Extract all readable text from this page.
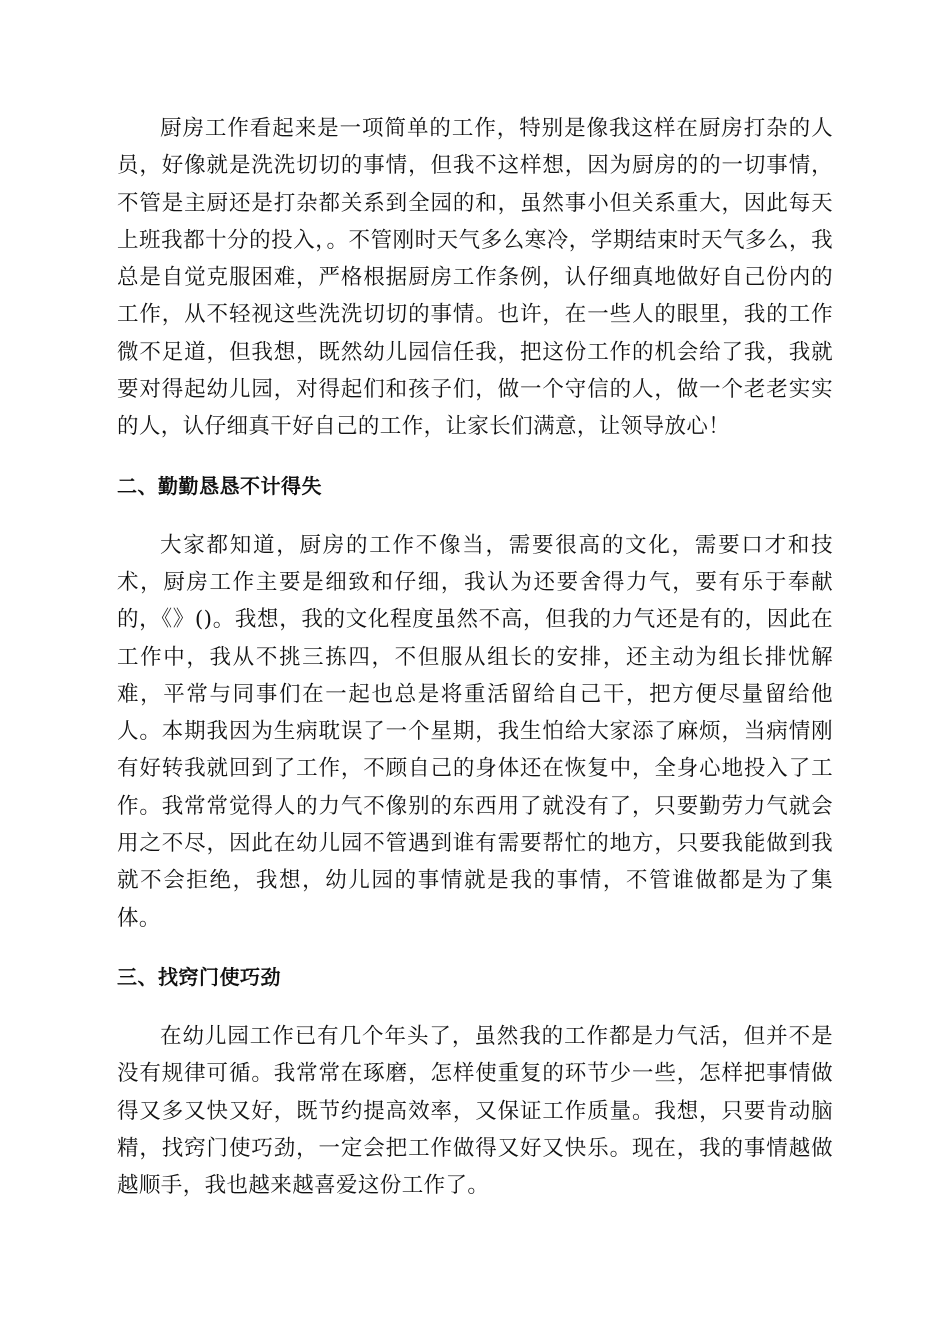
厨房工作看起来是一项简单的工作，特别是像我这样在厨房打杂的人员，好像就是洗洗切切的事情，但我不这样想，因为厨房的的一切事情，不管是主厨还是打杂都关系到全园的和，虽然事小但关系重大，因此每天上班我都十分的投入，。不管刚时天气多么寒冷，学期结束时天气多么，我总是自觉克服困难，严格根据厨房工作条例，认仔细真地做好自己份内的工作，从不轻视这些洗洗切切的事情。也许，在一些人的眼里，我的工作微不足道，但我想，既然幼儿园信任我，把这份工作的机会给了我，我就要对得起幼儿园，对得起们和孩子们，做一个守信的人，做一个老老实实的人，认仔细真干好自己的工作，让家长们满意，让领导放心！

二、勤勤恳恳不计得失

大家都知道，厨房的工作不像当，需要很高的文化，需要口才和技术，厨房工作主要是细致和仔细，我认为还要舍得力气，要有乐于奉献的，《》()。我想，我的文化程度虽然不高，但我的力气还是有的，因此在工作中，我从不挑三拣四，不但服从组长的安排，还主动为组长排忧解难，平常与同事们在一起也总是将重活留给自己干，把方便尽量留给他人。本期我因为生病耽误了一个星期，我生怕给大家添了麻烦，当病情刚有好转我就回到了工作，不顾自己的身体还在恢复中，全身心地投入了工作。我常常觉得人的力气不像别的东西用了就没有了，只要勤劳力气就会用之不尽，因此在幼儿园不管遇到谁有需要帮忙的地方，只要我能做到我就不会拒绝，我想，幼儿园的事情就是我的事情，不管谁做都是为了集体。

三、找窍门使巧劲

在幼儿园工作已有几个年头了，虽然我的工作都是力气活，但并不是没有规律可循。我常常在琢磨，怎样使重复的环节少一些，怎样把事情做得又多又快又好，既节约提高效率，又保证工作质量。我想，只要肯动脑精，找窍门使巧劲，一定会把工作做得又好又快乐。现在，我的事情越做越顺手，我也越来越喜爱这份工作了。
